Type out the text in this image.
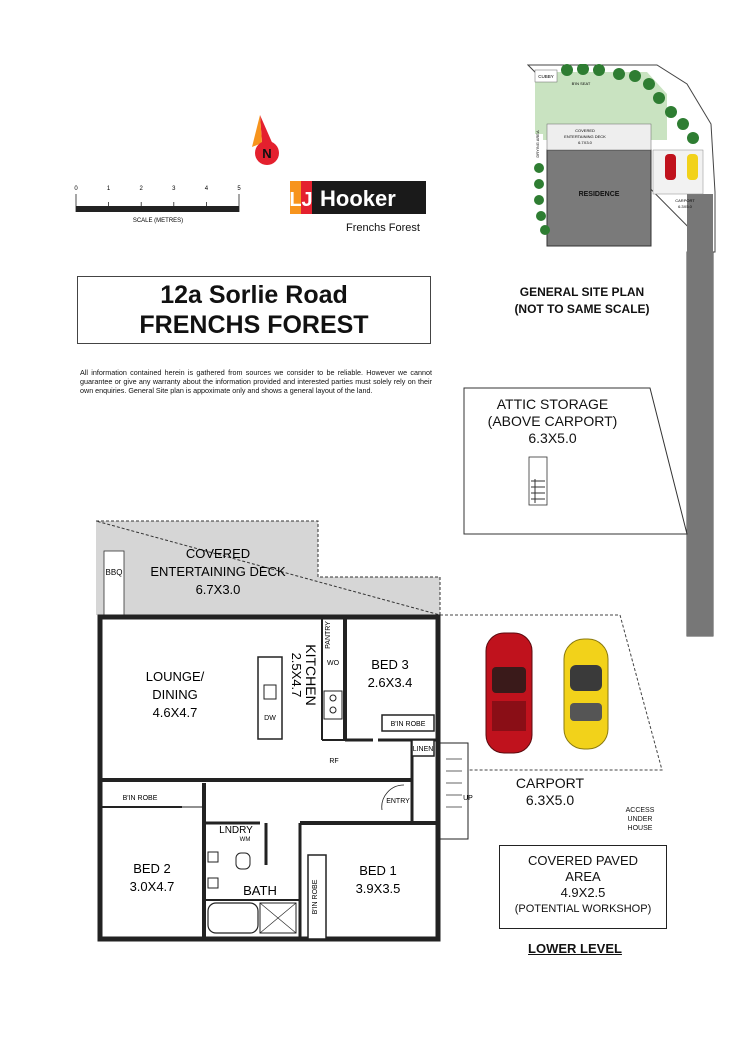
12a Sorlie Road
FRENCHS FOREST
All information contained herein is gathered from sources we consider to be reliable. However we cannot guarantee or give any warranty about the information provided and interested parties must solely rely on their own enquiries. General Site plan is appoximate only and shows a general layout of the land.
LJ Hooker
Frenchs Forest
N
0	1	2	3	4	5
SCALE (METRES)
RESIDENCE
COVERED
ENTERTAINING DECK
6.7X3.0
CUBBY
B'IN SEAT
DRYING AREA
CARPORT
6.3X5.0
GENERAL SITE PLAN
(NOT TO SAME SCALE)
ATTIC STORAGE
(ABOVE CARPORT)
6.3X5.0
BBQ
COVERED
ENTERTAINING DECK
6.7X3.0
B'IN ROBE
B'IN ROBE
LINEN
DW
PANTRY
WO
RF
KITCHEN
2.5X4.7
LOUNGE/
DINING
4.6X4.7
BED 3
2.6X3.4
B'IN ROBE
LNDRY
WM
BATH
BED 2
3.0X4.7
BED 1
3.9X3.5
ENTRY	UP
CARPORT
6.3X5.0
ACCESS
UNDER
HOUSE
COVERED PAVED
AREA
4.9X2.5
(POTENTIAL WORKSHOP)
LOWER LEVEL
